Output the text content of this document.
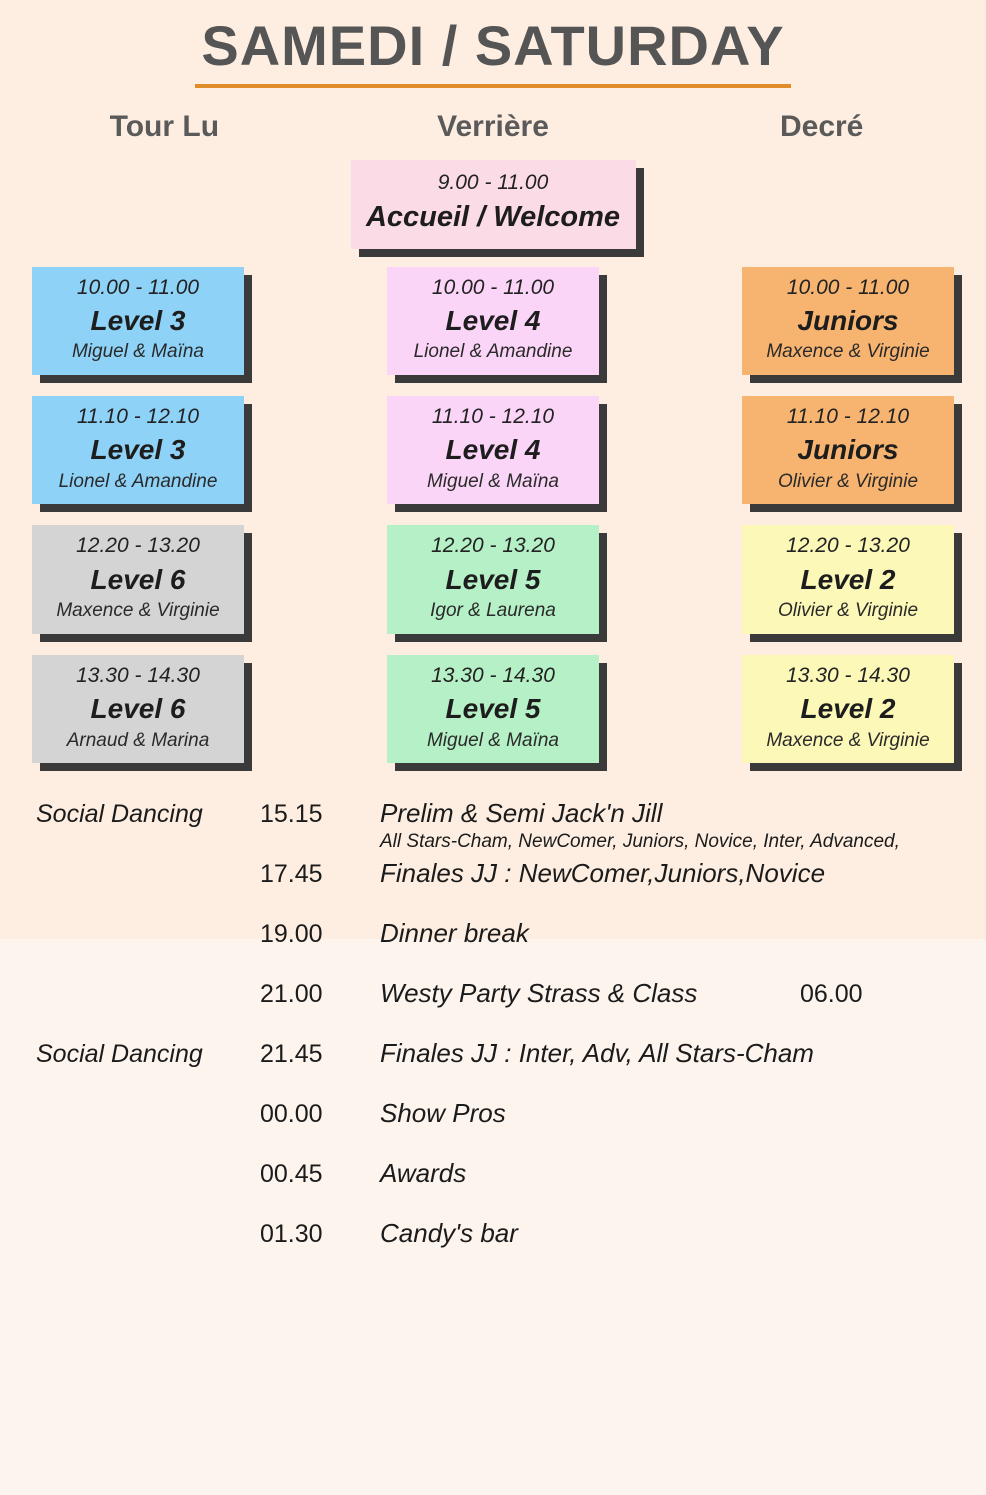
SAMEDI / SATURDAY
Tour Lu	Verrière	Decré
9.00 - 11.00
Accueil / Welcome
10.00 - 11.00
Level 3
Miguel & Maïna
10.00 - 11.00
Level 4
Lionel & Amandine
10.00 - 11.00
Juniors
Maxence & Virginie
11.10 - 12.10
Level 3
Lionel & Amandine
11.10 - 12.10
Level 4
Miguel & Maïna
11.10 - 12.10
Juniors
Olivier & Virginie
12.20 - 13.20
Level 6
Maxence & Virginie
12.20 - 13.20
Level 5
Igor & Laurena
12.20 - 13.20
Level 2
Olivier & Virginie
13.30 - 14.30
Level 6
Arnaud & Marina
13.30 - 14.30
Level 5
Miguel & Maïna
13.30 - 14.30
Level 2
Maxence & Virginie
Social Dancing	15.15	Prelim & Semi Jack'n Jill
All Stars-Cham, NewComer, Juniors, Novice, Inter, Advanced,
17.45	Finales JJ : NewComer,Juniors,Novice
19.00	Dinner break
21.00	Westy Party Strass & Class	06.00
Social Dancing	21.45	Finales JJ : Inter, Adv, All Stars-Cham
00.00	Show Pros
00.45	Awards
01.30	Candy's bar
